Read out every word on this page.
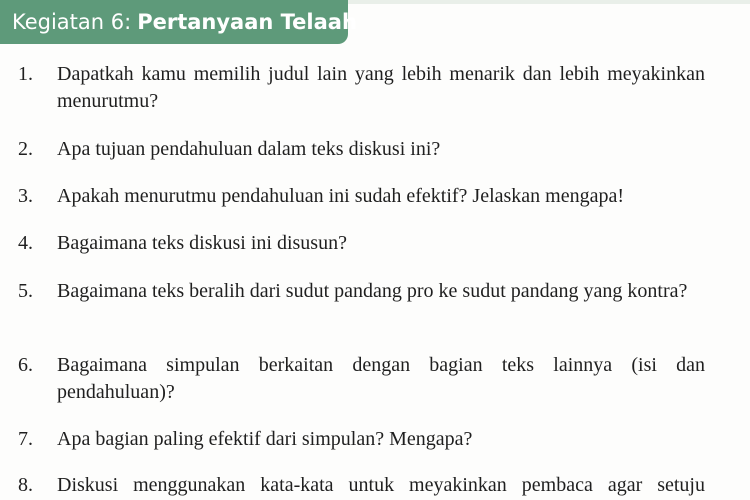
Kegiatan 6: Pertanyaan Telaah
1.	Dapatkah kamu memilih judul lain yang lebih menarik dan lebih meyakinkan menurutmu?
2.	Apa tujuan pendahuluan dalam teks diskusi ini?
3.	Apakah menurutmu pendahuluan ini sudah efektif? Jelaskan mengapa!
4.	Bagaimana teks diskusi ini disusun?
5.	Bagaimana teks beralih dari sudut pandang pro ke sudut pandang yang kontra?
6.	Bagaimana simpulan berkaitan dengan bagian teks lainnya (isi dan pendahuluan)?
7.	Apa bagian paling efektif dari simpulan? Mengapa?
8.	Diskusi menggunakan kata-kata untuk meyakinkan pembaca agar setuju
